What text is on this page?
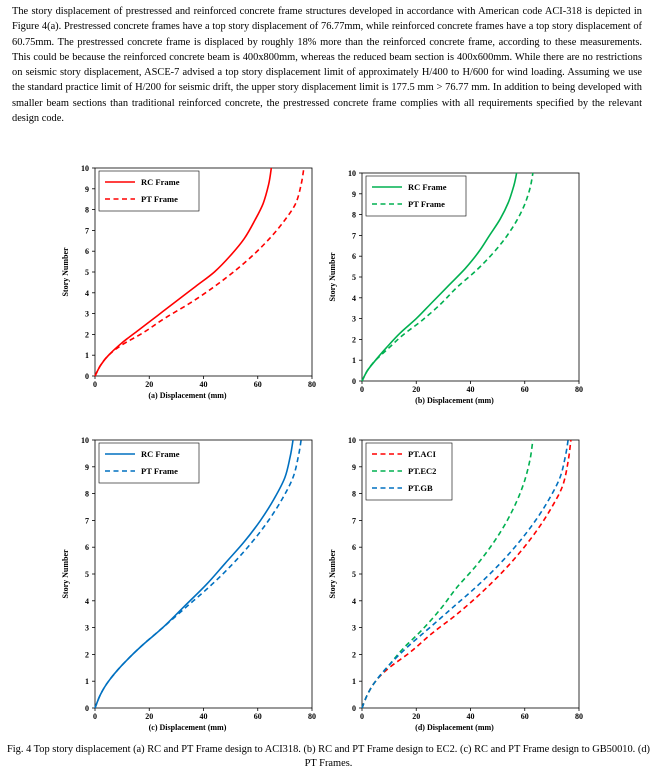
The story displacement of prestressed and reinforced concrete frame structures developed in accordance with American code ACI-318 is depicted in Figure 4(a). Prestressed concrete frames have a top story displacement of 76.77mm, while reinforced concrete frames have a top story displacement of 60.75mm. The prestressed concrete frame is displaced by roughly 18% more than the reinforced concrete frame, according to these measurements. This could be because the reinforced concrete beam is 400x800mm, whereas the reduced beam section is 400x600mm. While there are no restrictions on seismic story displacement, ASCE-7 advised a top story displacement limit of approximately H/400 to H/600 for wind loading. Assuming we use the standard practice limit of H/200 for seismic drift, the upper story displacement limit is 177.5 mm > 76.77 mm. In addition to being developed with smaller beam sections than traditional reinforced concrete, the prestressed concrete frame complies with all requirements specified by the relevant design code.

0	20	40	60	80
0
1
2
3
4
5
6
7
8
9
10
(a) Displacement (mm)
Story Number
RC Frame
PT Frame
0	20	40	60	80
0
1
2
3
4
5
6
7
8
9
10
(b) Displacement (mm)
Story Number
RC Frame
PT Frame
0	20	40	60	80
0
1
2
3
4
5
6
7
8
9
10
(c) Displacement (mm)
Story Number
RC Frame
PT Frame
0	20	40	60	80
0
1
2
3
4
5
6
7
8
9
10
(d) Displacement (mm)
Story Number
PT.ACI
PT.EC2
PT.GB

Fig. 4 Top story displacement (a) RC and PT Frame design to ACI318. (b) RC and PT Frame design to EC2. (c) RC and PT Frame design to GB50010. (d) PT Frames.
